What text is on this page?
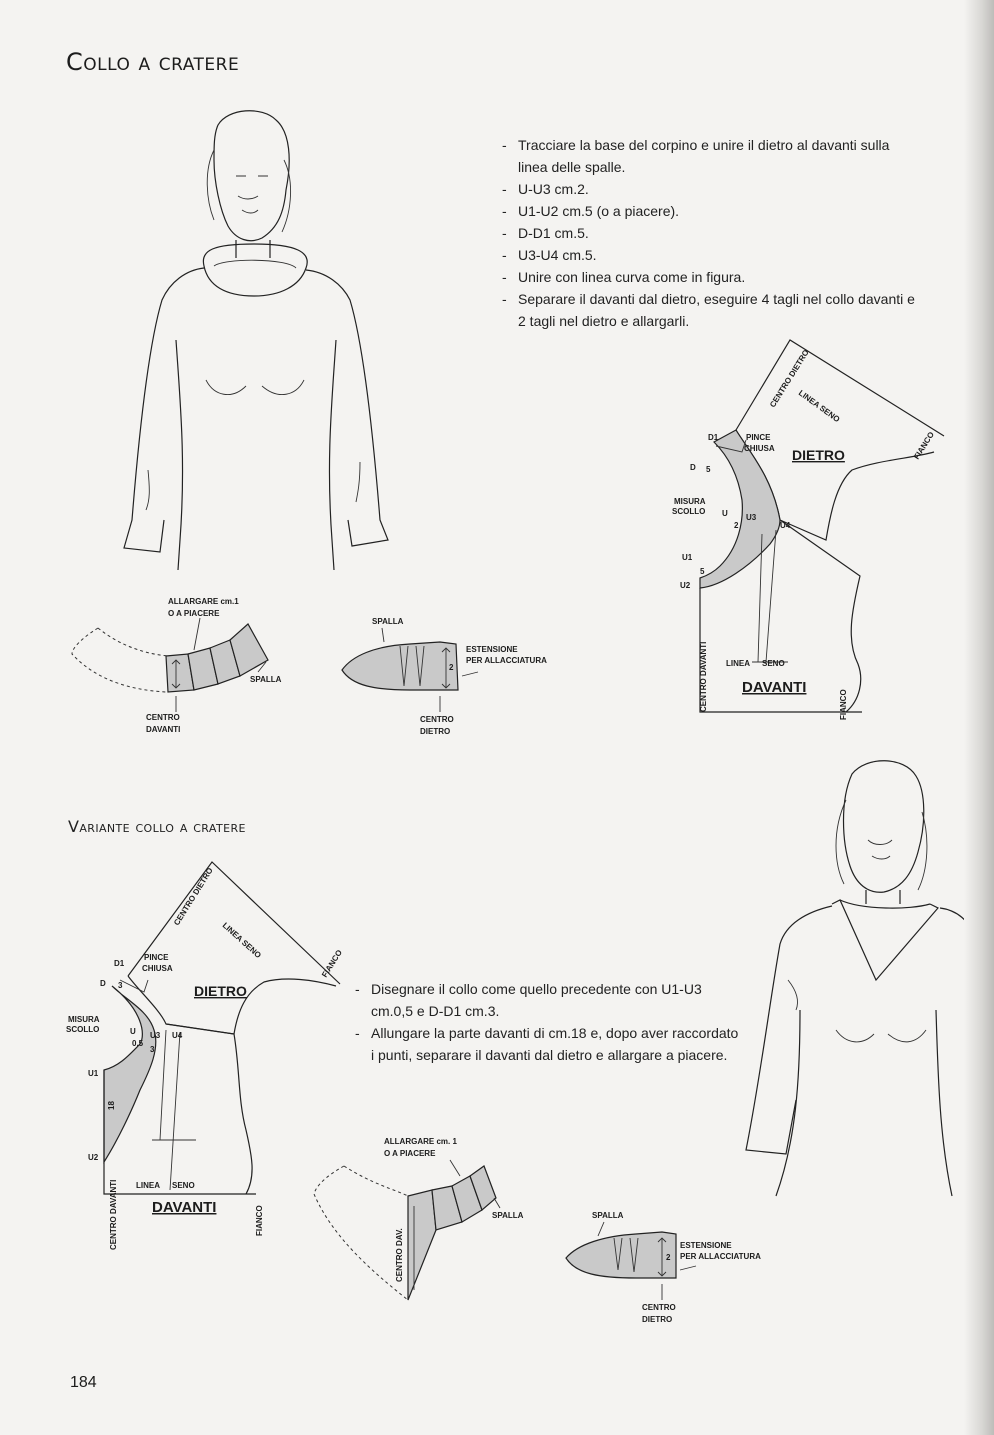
Collo a cratere
- Tracciare la base del corpino e unire il dietro al davanti sulla linea delle spalle.
- U-U3 cm.2.
- U1-U2 cm.5 (o a piacere).
- D-D1 cm.5.
- U3-U4 cm.5.
- Unire con linea curva come in figura.
- Separare il davanti dal dietro, eseguire 4 tagli nel collo davanti e 2 tagli nel dietro e allargarli.
Variante collo a cratere
- Disegnare il collo come quello precedente con U1-U3 cm.0,5 e D-D1 cm.3.
- Allungare la parte davanti di cm.18 e, dopo aver raccordato i punti, separare il davanti dal dietro e allargare a piacere.
184
ALLARGARE cm.1
O A PIACERE
SPALLA
CENTRO
DAVANTI
2
SPALLA
ESTENSIONE
PER ALLACCIATURA
CENTRO
DIETRO
CENTRO DIETRO
LINEA SENO
FIANCO
PINCE
CHIUSA DIETRO
D1
D 5
MISURA
SCOLLO U U3
2	U4
U1
5
U2
CENTRO DAVANTI LINEA SENO
DAVANTI
FIANCO
CENTRO DIETRO
LINEA SENO
FIANCO
PINCE
CHIUSA
DIETRO
D1
D 3
MISURA
SCOLLO	U U3
0,5
U4
3
U1
18
U2
CENTRO DAVANTI LINEA SENO
DAVANTI	FIANCO
ALLARGARE cm. 1
O A PIACERE
SPALLA
CENTRO DAV.	2
SPALLA
ESTENSIONE
PER ALLACCIATURA
CENTRO
DIETRO
